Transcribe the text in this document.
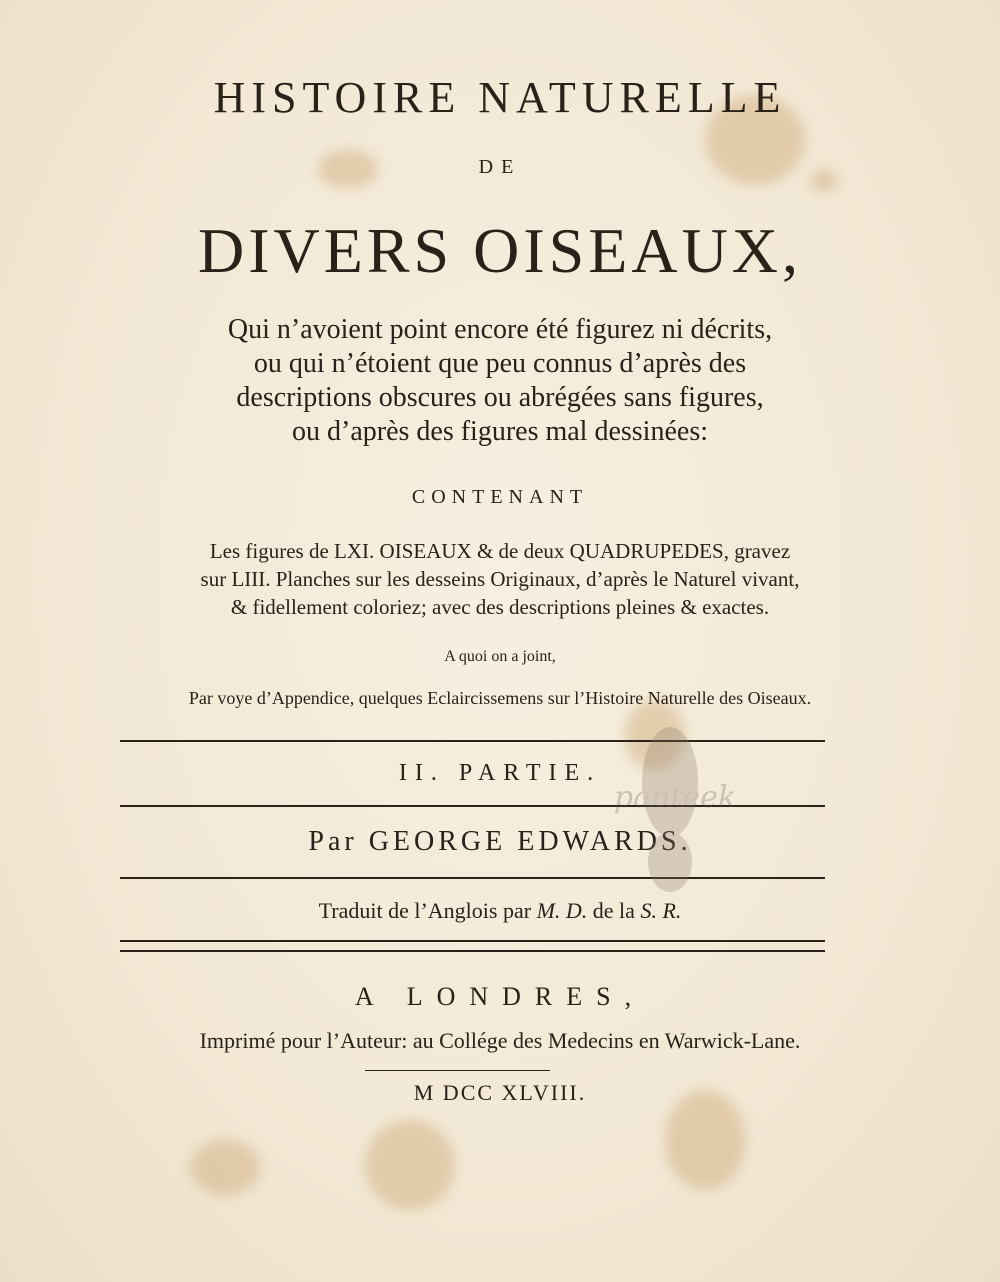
HISTOIRE NATURELLE
DE
DIVERS OISEAUX,
Qui n’avoient point encore été figurez ni décrits,
ou qui n’étoient que peu connus d’après des
descriptions obscures ou abrégées sans figures,
ou d’après des figures mal dessinées:
CONTENANT
Les figures de LXI. OISEAUX & de deux QUADRUPEDES, gravez
sur LIII. Planches sur les desseins Originaux, d’après le Naturel vivant,
& fidellement coloriez; avec des descriptions pleines & exactes.
A quoi on a joint,
Par voye d’Appendice, quelques Eclaircissemens sur l’Histoire Naturelle des Oiseaux.
II. PARTIE.
Par GEORGE EDWARDS.
Traduit de l’Anglois par M. D. de la S. R.
A LONDRES,
Imprimé pour l’Auteur: au Collége des Medecins en Warwick-Lane.
M DCC XLVIII.
panteek
